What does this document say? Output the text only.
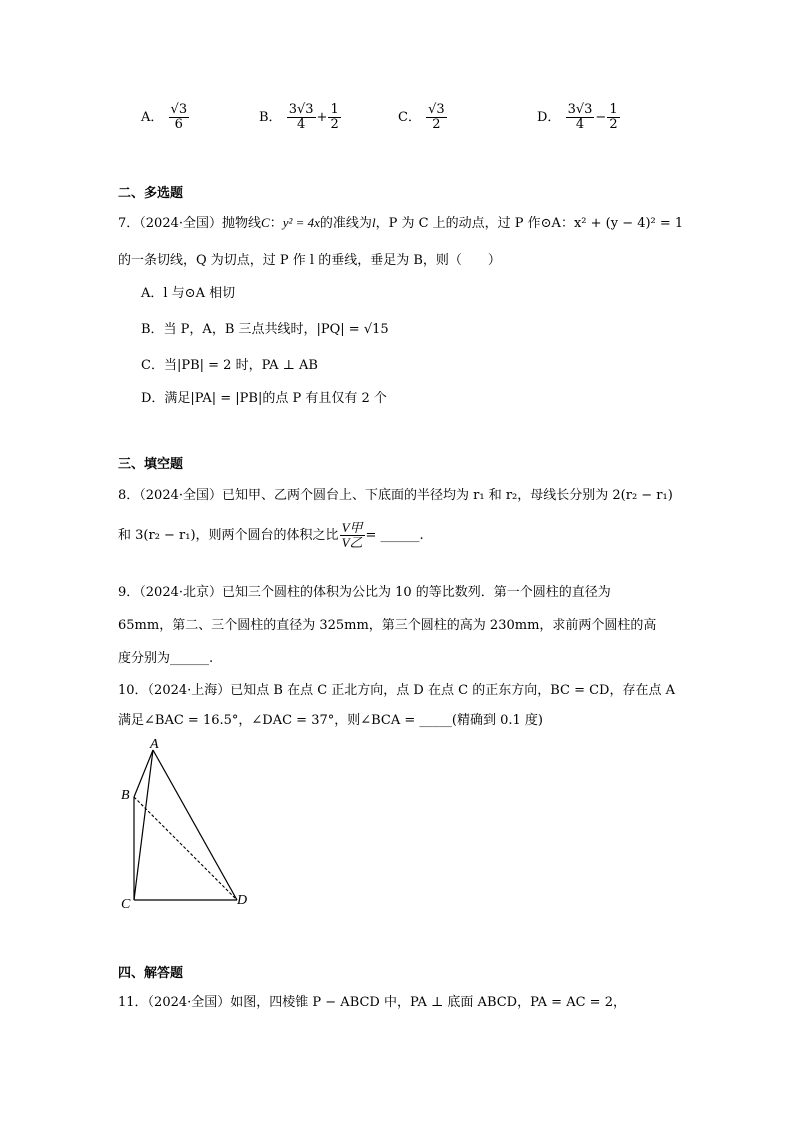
A． $\frac{√3}{6}$	B． $\frac{3√3}{4} + \frac{1}{2}$	C． $\frac{√3}{2}$	D． $\frac{3√3}{4} - \frac{1}{2}$
二、多选题
7．（2024·全国）抛物线C：y² = 4x的准线为l，P 为 C 上的动点，过 P 作⊙A：x² + (y − 4)² = 1
的一条切线，Q 为切点，过 P 作 l 的垂线，垂足为 B，则（　　）
A．l 与⊙A 相切
B．当 P，A，B 三点共线时，|PQ| = √15
C．当|PB| = 2 时，PA ⊥ AB
D．满足|PA| = |PB|的点 P 有且仅有 2 个
三、填空题
8．（2024·全国）已知甲、乙两个圆台上、下底面的半径均为 r₁ 和 r₂，母线长分别为 2(r₂ − r₁)
和 3(r₂ − r₁)，则两个圆台的体积之比 $\frac{\text{V甲}}{\text{V乙}}$ = ______.
9．（2024·北京）已知三个圆柱的体积为公比为 10 的等比数列．第一个圆柱的直径为
65mm，第二、三个圆柱的直径为 325mm，第三个圆柱的高为 230mm，求前两个圆柱的高
度分别为______.
10．（2024·上海）已知点 B 在点 C 正北方向，点 D 在点 C 的正东方向，BC = CD，存在点 A
满足∠BAC = 16.5°，∠DAC = 37°，则∠BCA = _____(精确到 0.1 度)
A
B
C	D
四、解答题
11．（2024·全国）如图，四棱锥 P − ABCD 中，PA ⊥ 底面 ABCD，PA = AC = 2，
